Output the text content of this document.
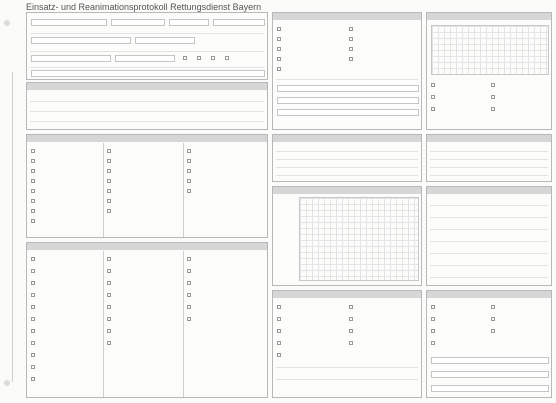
Einsatz- und Reanimationsprotokoll Rettungsdienst Bayern
